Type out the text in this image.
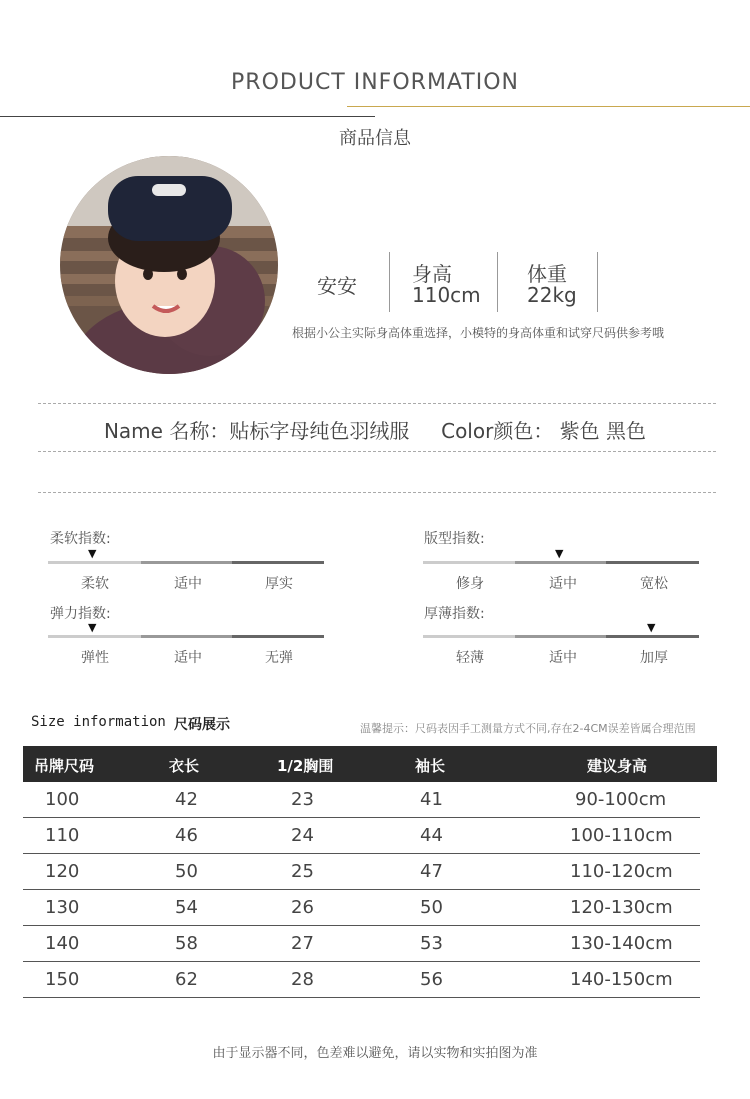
PRODUCT INFORMATION
商品信息
安安	身高
110cm
体重
22kg
根据小公主实际身高体重选择，小模特的身高体重和试穿尺码供参考哦
Name 名称：贴标字母纯色羽绒服     Color颜色： 紫色 黑色
柔软指数:
▼
柔软	适中	厚实
版型指数:
▼
修身	适中	宽松
弹力指数:
▼
弹性	适中	无弹
厚薄指数:
▼
轻薄	适中	加厚
Size information 尺码展示	温馨提示：尺码表因手工测量方式不同,存在2-4CM误差皆属合理范围
吊牌尺码	衣长	1/2胸围	袖长	建议身高
100	42	23	41	90-100cm
110	46	24	44	100-110cm
120	50	25	47	110-120cm
130	54	26	50	120-130cm
140	58	27	53	130-140cm
150	62	28	56	140-150cm
由于显示器不同，色差难以避免，请以实物和实拍图为准
